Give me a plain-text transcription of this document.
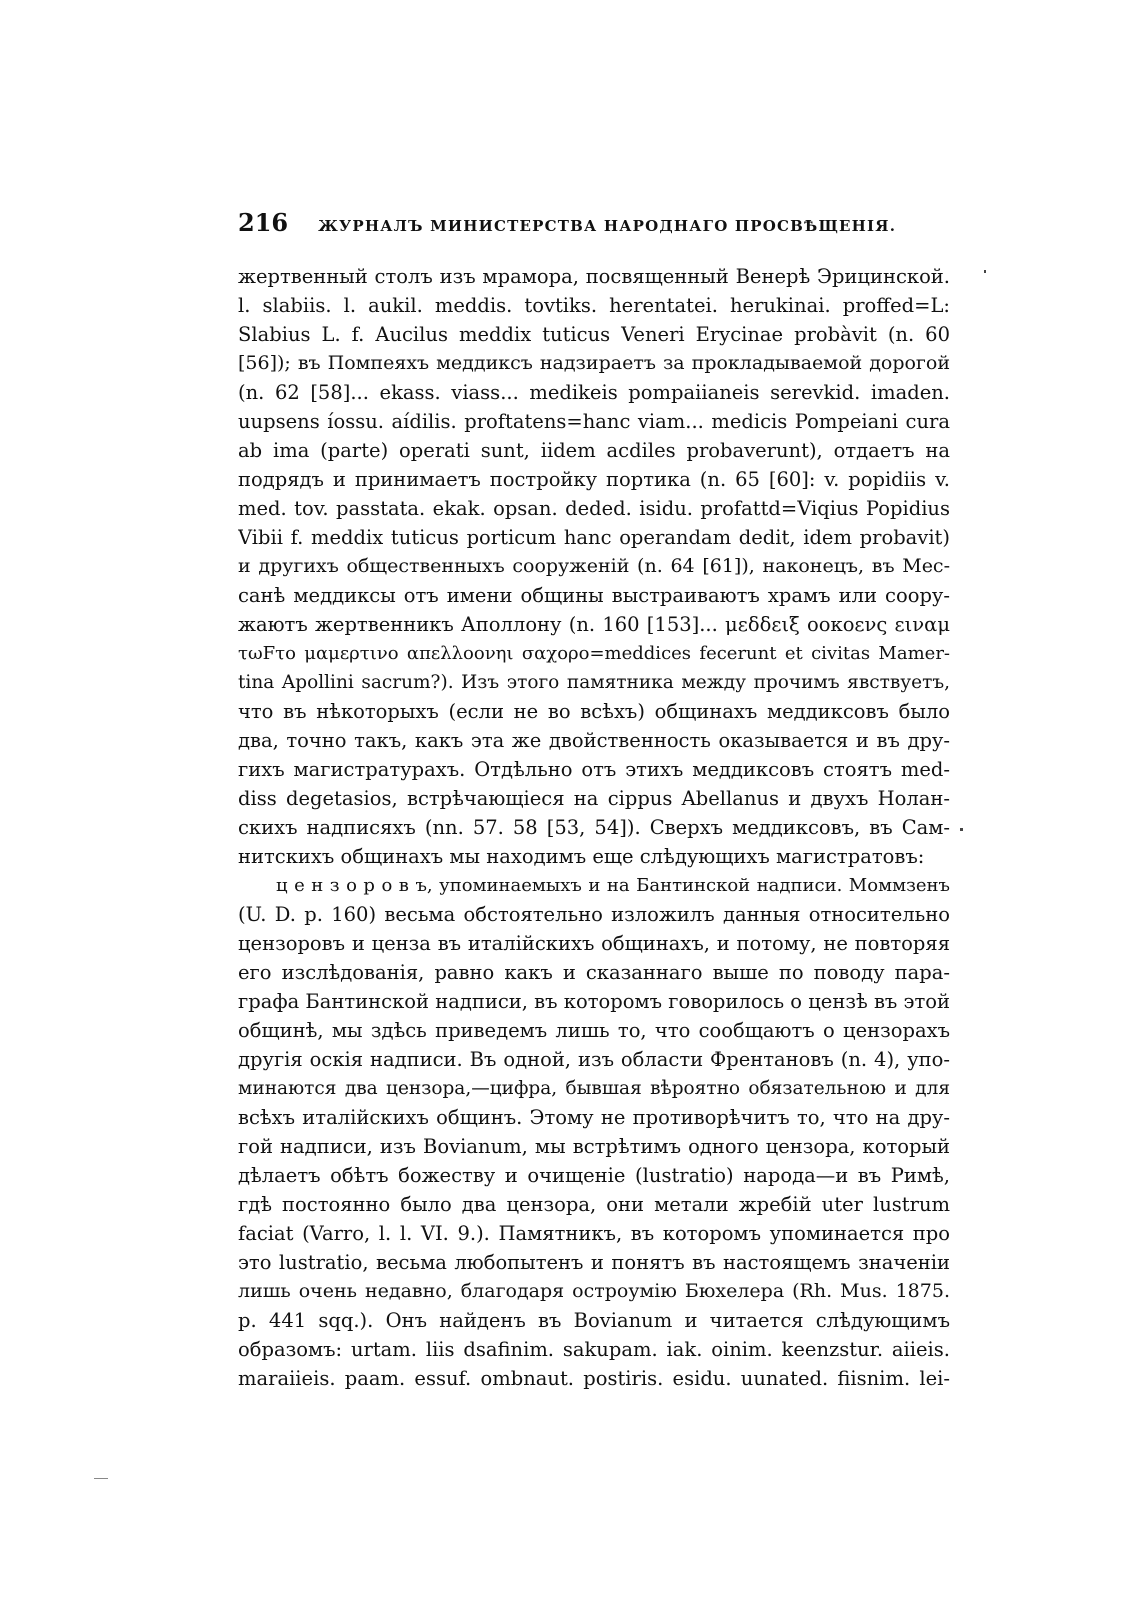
216 ЖУРНАЛЪ МИНИСТЕРСТВА НАРОДНАГО ПРОСВѢЩЕНІЯ.
жертвенный столъ изъ мрамора, посвященный Венерѣ Эрицинской.
l. slabiis. l. aukil. meddis. tovtiks. herentatei. herukinai. proffed=L:
Slabius L. f. Aucilus meddix tuticus Veneri Erycinae probàvit (n. 60
[56]); въ Помпеяхъ меддиксъ надзираетъ за прокладываемой дорогой
(n. 62 [58]... ekass. viass... medikeis pompaiianeis serevkid. imaden.
uupsens íossu. aídilis. proftatens=hanc viam... medicis Pompeiani cura
ab ima (parte) operati sunt, iidem acdiles probaverunt), отдаетъ на
подрядъ и принимаетъ постройку портика (n. 65 [60]: v. popidiis v.
med. tov. passtata. ekak. opsan. deded. isidu. profattd=Viqius Popidius
Vibii f. meddix tuticus porticum hanc operandam dedit, idem probavit)
и другихъ общественныхъ сооруженій (n. 64 [61]), наконецъ, въ Мес-
санѣ меддиксы отъ имени общины выстраиваютъ храмъ или соору-
жаютъ жертвенникъ Аполлону (n. 160 [153]... μεδδειξ οοκοενς ειναμ
τωFτο μαμερτινο απελλοονηι σαχορο=meddices fecerunt et civitas Mamer-
tina Apollini sacrum?). Изъ этого памятника между прочимъ явствуетъ,
что въ нѣкоторыхъ (если не во всѣхъ) общинахъ меддиксовъ было
два, точно такъ, какъ эта же двойственность оказывается и въ дру-
гихъ магистратурахъ. Отдѣльно отъ этихъ меддиксовъ стоятъ med-
diss degetasios, встрѣчающіеся на cippus Abellanus и двухъ Нолан-
скихъ надписяхъ (nn. 57. 58 [53, 54]). Сверхъ меддиксовъ, въ Сам-
нитскихъ общинахъ мы находимъ еще слѣдующихъ магистратовъ:
ц е н з о р о в ъ, упоминаемыхъ и на Бантинской надписи. Моммзенъ
(U. D. p. 160) весьма обстоятельно изложилъ данныя относительно
цензоровъ и ценза въ италійскихъ общинахъ, и потому, не повторяя
его изслѣдованія, равно какъ и сказаннаго выше по поводу пара-
графа Бантинской надписи, въ которомъ говорилось о цензѣ въ этой
общинѣ, мы здѣсь приведемъ лишь то, что сообщаютъ о цензорахъ
другія оскія надписи. Въ одной, изъ области Френтановъ (n. 4), упо-
минаются два цензора,—цифра, бывшая вѣроятно обязательною и для
всѣхъ италійскихъ общинъ. Этому не противорѣчитъ то, что на дру-
гой надписи, изъ Bovianum, мы встрѣтимъ одного цензора, который
дѣлаетъ обѣтъ божеству и очищеніе (lustratio) народа—и въ Римѣ,
гдѣ постоянно было два цензора, они метали жребій uter lustrum
faciat (Varro, l. l. VI. 9.). Памятникъ, въ которомъ упоминается про
это lustratio, весьма любопытенъ и понятъ въ настоящемъ значеніи
лишь очень недавно, благодаря остроумію Бюхелера (Rh. Mus. 1875.
p. 441 sqq.). Онъ найденъ въ Bovianum и читается слѣдующимъ
образомъ: urtam. liis dsafinim. sakupam. iak. oinim. keenzstur. aiieis.
maraiieis. paam. essuf. ombnaut. postiris. esidu. uunated. fiisnim. lei-
